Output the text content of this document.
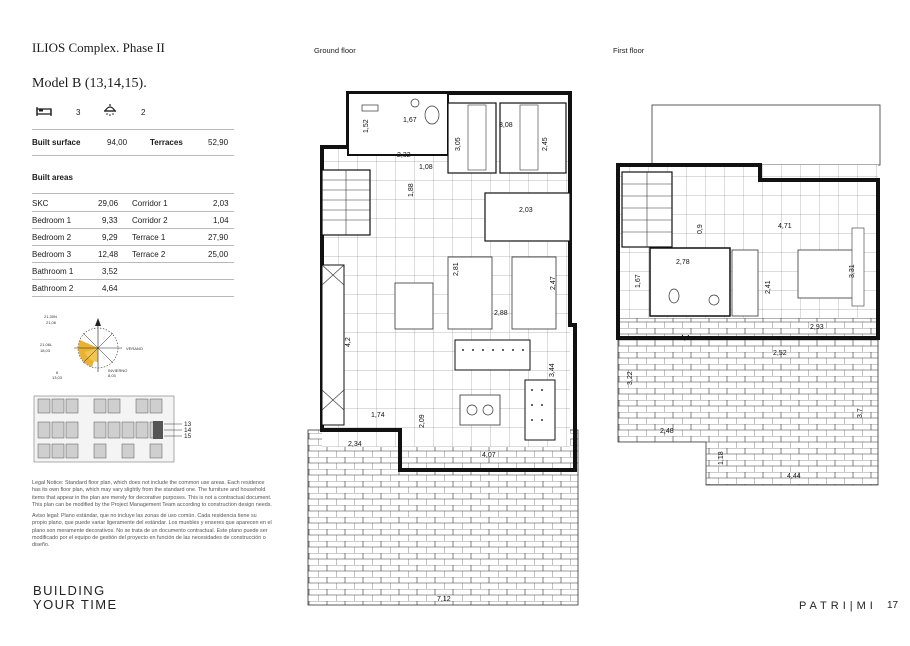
ILIOS Complex. Phase II
Model B (13,14,15).
3	2
Built surface	94,00	Terraces	52,90
Built areas
SKC	29,06 Corridor 1	2,03
Bedroom 1	9,33 Corridor 2	1,04
Bedroom 2	9,29 Terrace 1	27,90
Bedroom 3	12,48 Terrace 2	25,00
Bathroom 1	3,52
Bathroom 2	4,64
21,30N
21,06
21,06L
18,03	VERANO
INVIERNO
8,03
6
13,03
13
14
15

Legal Notice: Standard floor plan, which does not include the common use areas. Each residence has its own floor plan, which may vary slightly from the standard one. The furniture and household items that appear in the plan are merely for decorative purposes. This is not a contractual document. This plan can be modified by the Project Management Team according to construction design needs.

Aviso legal: Plano estándar, que no incluye las zonas de uso común. Cada residencia tiene su propio plano, que puede variar ligeramente del estándar. Los muebles y enseres que aparecen en el plano son meramente decorativos. No se trata de un documento contractual. Este plano puede ser modificado por el equipo de gestión del proyecto en función de las necesidades de construcción o diseño.

BUILDING
YOUR TIME
Ground floor	First floor
1,52	1,67
2,32
1,08
1,88
3,05
3,08
2,45
2,03
2,81
2,47
2,88
4,2
3,44
1,74	2,09
2,34
4,07
7,12
0,9	4,71
2,78
1,67	2,41
3,31
2,93
4,4
2,52
3,22
3,7
2,48
1,18
4,44
PATRI|MI 17
